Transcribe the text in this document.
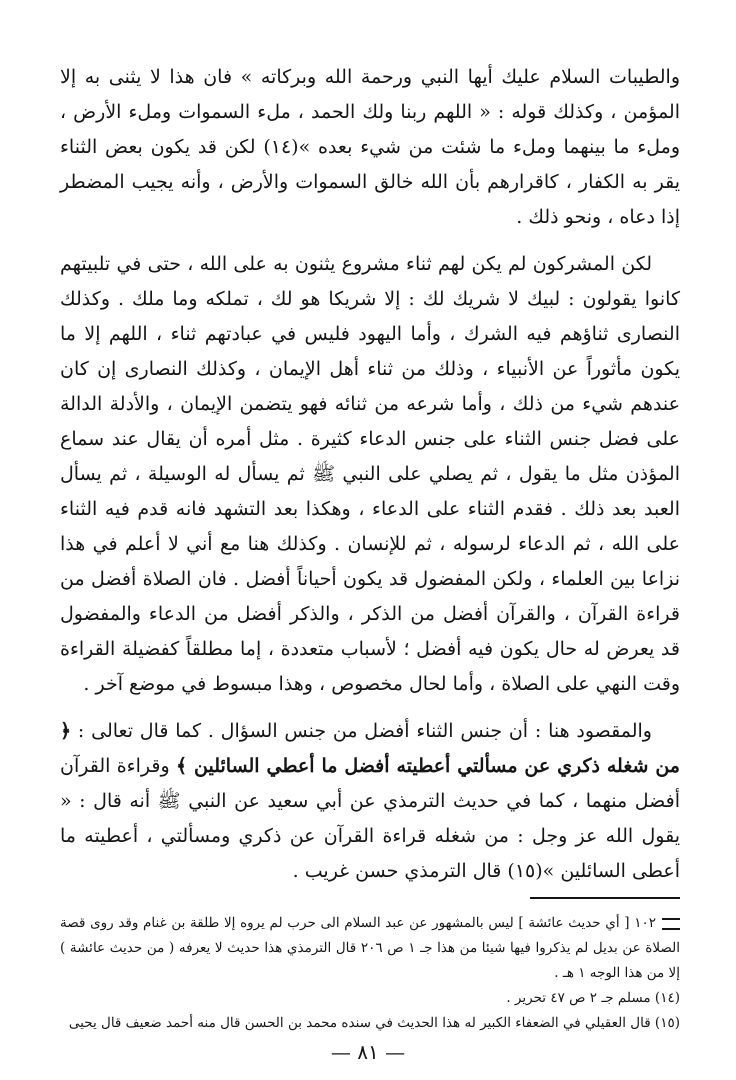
والطيبات السلام عليك أيها النبي ورحمة الله وبركاته » فان هذا لا يثنى به إلا المؤمن ، وكذلك قوله : « اللهم ربنا ولك الحمد ، ملء السموات وملء الأرض ، وملء ما بينهما وملء ما شئت من شيء بعده »(١٤) لكن قد يكون بعض الثناء يقر به الكفار ، كاقرارهم بأن الله خالق السموات والأرض ، وأنه يجيب المضطر إذا دعاه ، ونحو ذلك .

لكن المشركون لم يكن لهم ثناء مشروع يثنون به على الله ، حتى في تلبيتهم كانوا يقولون : لبيك لا شريك لك : إلا شريكا هو لك ، تملكه وما ملك . وكذلك النصارى ثناؤهم فيه الشرك ، وأما اليهود فليس في عبادتهم ثناء ، اللهم إلا ما يكون مأثوراً عن الأنبياء ، وذلك من ثناء أهل الإيمان ، وكذلك النصارى إن كان عندهم شيء من ذلك ، وأما شرعه من ثنائه فهو يتضمن الإيمان ، والأدلة الدالة على فضل جنس الثناء على جنس الدعاء كثيرة . مثل أمره أن يقال عند سماع المؤذن مثل ما يقول ، ثم يصلي على النبي ﷺ ثم يسأل له الوسيلة ، ثم يسأل العبد بعد ذلك . فقدم الثناء على الدعاء ، وهكذا بعد التشهد فانه قدم فيه الثناء على الله ، ثم الدعاء لرسوله ، ثم للإنسان . وكذلك هنا مع أني لا أعلم في هذا نزاعا بين العلماء ، ولكن المفضول قد يكون أحياناً أفضل . فان الصلاة أفضل من قراءة القرآن ، والقرآن أفضل من الذكر ، والذكر أفضل من الدعاء والمفضول قد يعرض له حال يكون فيه أفضل ؛ لأسباب متعددة ، إما مطلقاً كفضيلة القراءة وقت النهي على الصلاة ، وأما لحال مخصوص ، وهذا مبسوط في موضع آخر .

والمقصود هنا : أن جنس الثناء أفضل من جنس السؤال . كما قال تعالى : ﴿ من شغله ذكري عن مسألتي أعطيته أفضل ما أعطي السائلين ﴾ وقراءة القرآن أفضل منهما ، كما في حديث الترمذي عن أبي سعيد عن النبي ﷺ أنه قال : « يقول الله عز وجل : من شغله قراءة القرآن عن ذكري ومسألتي ، أعطيته ما أعطى السائلين »(١٥) قال الترمذي حسن غريب .

١٠٢ [ أي حديث عائشة ] ليس بالمشهور عن عبد السلام الى حرب لم يروه إلا طلقة بن غنام وقد روى قصة الصلاة عن بديل لم يذكروا فيها شيئا من هذا جـ ١ ص ٢٠٦ قال الترمذي هذا حديث لا يعرفه ( من حديث عائشة ) إلا من هذا الوجه ١ هـ .

(١٤) مسلم جـ ٢ ص ٤٧ تحرير .

(١٥) قال العقيلي في الضعفاء الكبير له هذا الحديث في سنده محمد بن الحسن قال منه أحمد ضعيف قال يحيى

— ٨١ —
